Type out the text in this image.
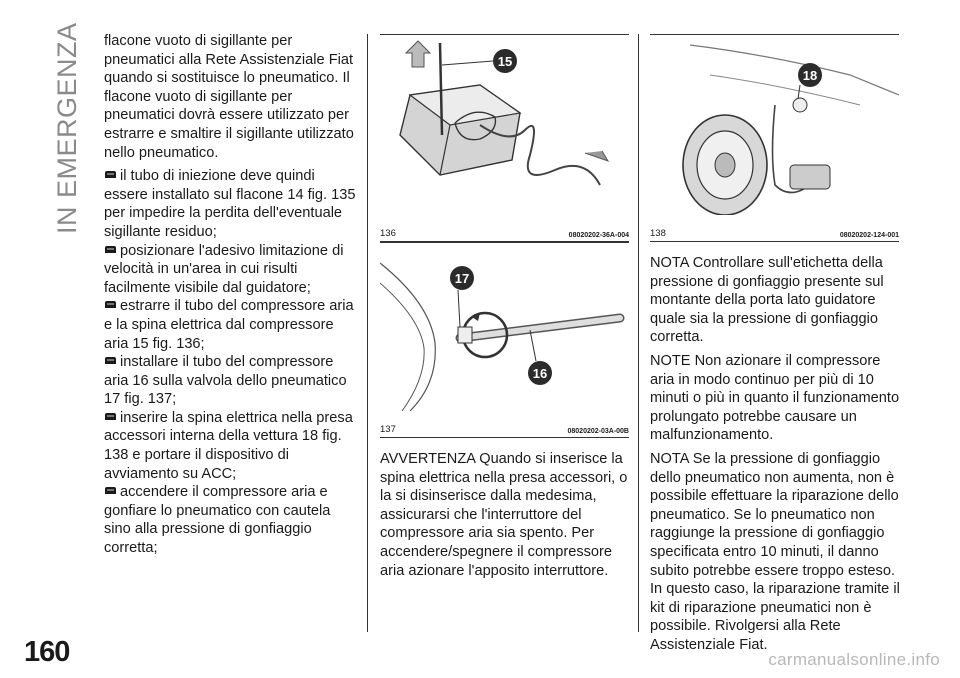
IN EMERGENZA
160

flacone vuoto di sigillante per pneumatici alla Rete Assistenziale Fiat quando si sostituisce lo pneumatico. Il flacone vuoto di sigillante per pneumatici dovrà essere utilizzato per estrarre e smaltire il sigillante utilizzato nello pneumatico.

il tubo di iniezione deve quindi essere installato sul flacone 14 fig. 135 per impedire la perdita dell'eventuale sigillante residuo;
posizionare l'adesivo limitazione di velocità in un'area in cui risulti facilmente visibile dal guidatore;
estrarre il tubo del compressore aria e la spina elettrica dal compressore aria 15 fig. 136;
installare il tubo del compressore aria 16 sulla valvola dello pneumatico 17 fig. 137;
inserire la spina elettrica nella presa accessori interna della vettura 18 fig. 138 e portare il dispositivo di avviamento su ACC;
accendere il compressore aria e gonfiare lo pneumatico con cautela sino alla pressione di gonfiaggio corretta;
15
136	08020202-36A-004
17
16
137	08020202-03A-00B

AVVERTENZA Quando si inserisce la spina elettrica nella presa accessori, o la si disinserisce dalla medesima, assicurarsi che l'interruttore del compressore aria sia spento. Per accendere/spegnere il compressore aria azionare l'apposito interruttore.

18
138	08020202-124-001

NOTA Controllare sull'etichetta della pressione di gonfiaggio presente sul montante della porta lato guidatore quale sia la pressione di gonfiaggio corretta.

NOTE Non azionare il compressore aria in modo continuo per più di 10 minuti o più in quanto il funzionamento prolungato potrebbe causare un malfunzionamento.

NOTA Se la pressione di gonfiaggio dello pneumatico non aumenta, non è possibile effettuare la riparazione dello pneumatico. Se lo pneumatico non raggiunge la pressione di gonfiaggio specificata entro 10 minuti, il danno subito potrebbe essere troppo esteso. In questo caso, la riparazione tramite il kit di riparazione pneumatici non è possibile. Rivolgersi alla Rete Assistenziale Fiat.

carmanualsonline.info
